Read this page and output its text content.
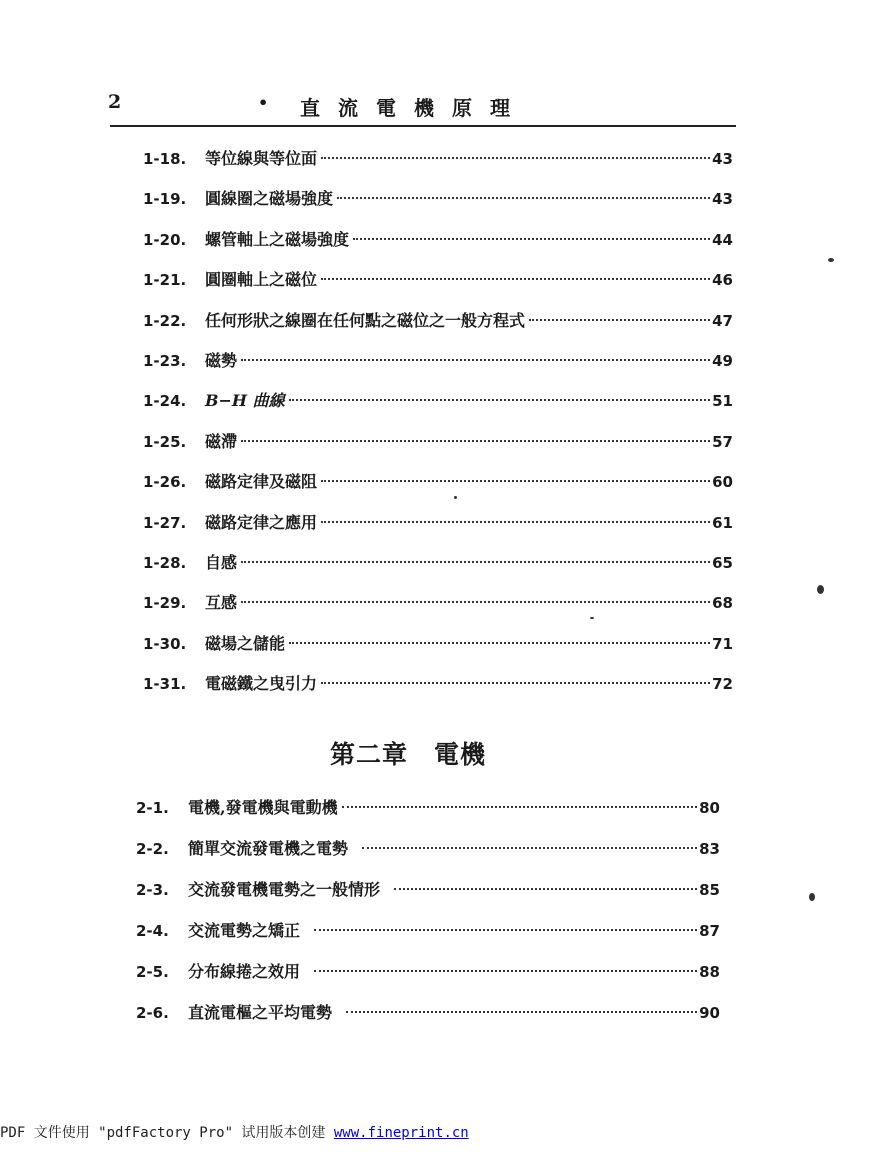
2	• 直流電機原理
1-18.	等位線與等位面	43
1-19.	圓線圈之磁場強度	43
1-20.	螺管軸上之磁場強度	44
1-21.	圓圈軸上之磁位	46
1-22.	任何形狀之線圈在任何點之磁位之一般方程式	47
1-23.	磁勢	49
1-24.	B−H 曲線	51
1-25.	磁滯	57
1-26.	磁路定律及磁阻	60
1-27.	磁路定律之應用	61
1-28.	自感	65
1-29.	互感	68
1-30.	磁場之儲能	71
1-31.	電磁鐵之曳引力	72
第二章　電機
2-1.	電機,發電機與電動機	80
2-2.	簡單交流發電機之電勢	83
2-3.	交流發電機電勢之一般情形	85
2-4.	交流電勢之矯正	87
2-5.	分布線捲之效用	88
2-6.	直流電樞之平均電勢	90
PDF 文件使用 "pdfFactory Pro" 试用版本创建 www.fineprint.cn
